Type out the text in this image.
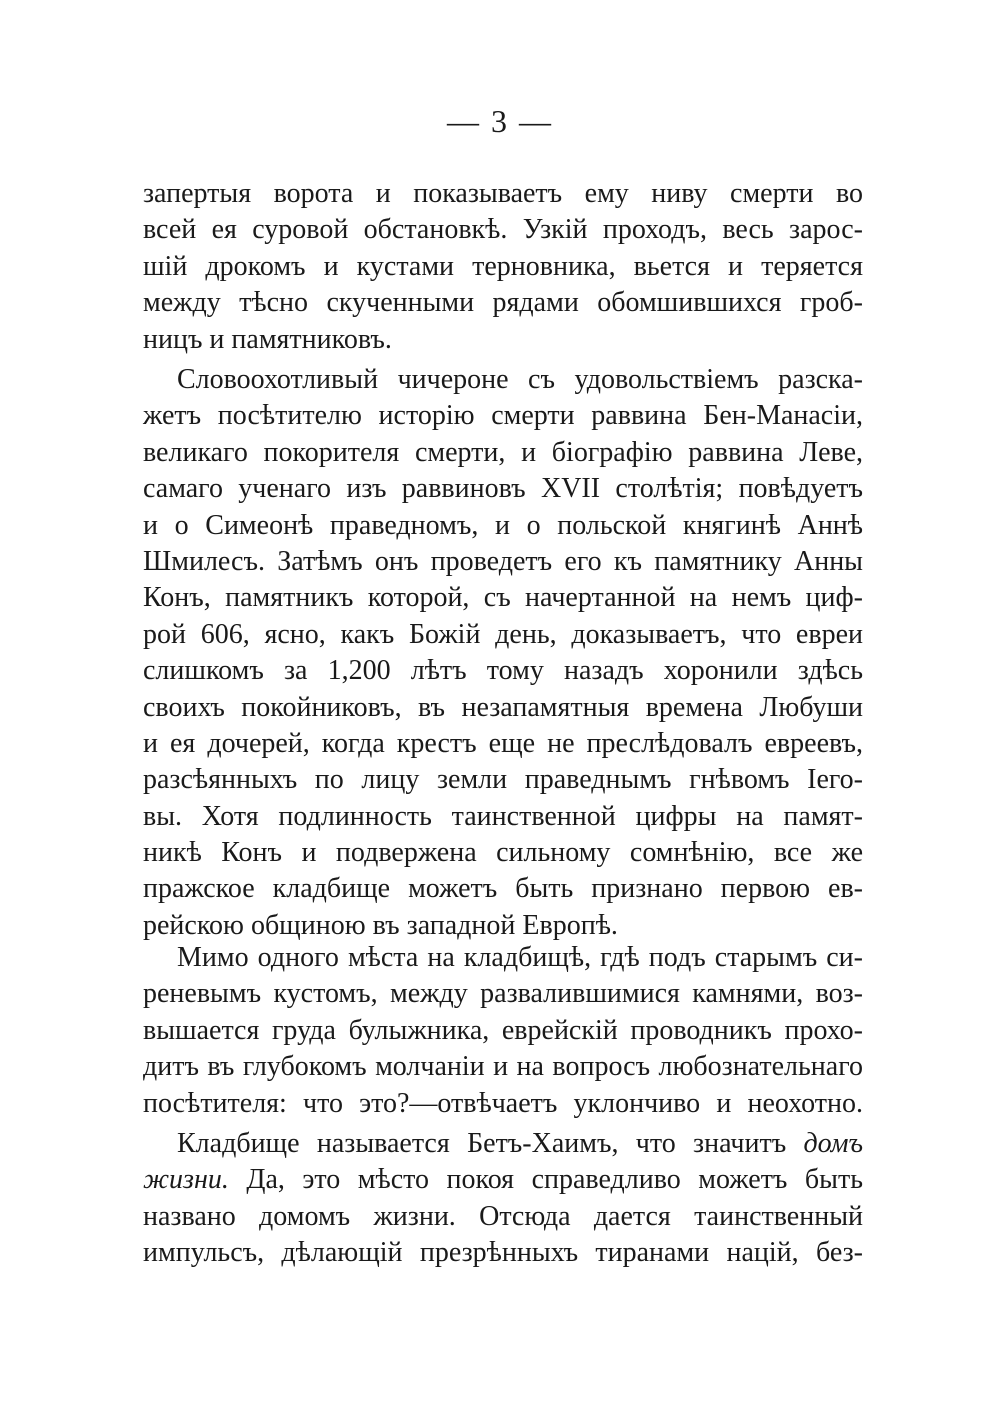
— 3 —
запертыя ворота и показываетъ ему ниву смерти во
всей ея суровой обстановкѣ. Узкій проходъ, весь зарос-
шій дрокомъ и кустами терновника, вьется и теряется
между тѣсно скученными рядами обомшившихся гроб-
ницъ и памятниковъ.
Словоохотливый чичероне съ удовольствіемъ разска-
жетъ посѣтителю исторію смерти раввина Бен-Манасіи,
великаго покорителя смерти, и біографію раввина Леве,
самаго ученаго изъ раввиновъ XVII столѣтія; повѣдуетъ
и о Симеонѣ праведномъ, и о польской княгинѣ Аннѣ
Шмилесъ. Затѣмъ онъ проведетъ его къ памятнику Анны
Конъ, памятникъ которой, съ начертанной на немъ циф-
рой 606, ясно, какъ Божій день, доказываетъ, что евреи
слишкомъ за 1,200 лѣтъ тому назадъ хоронили здѣсь
своихъ покойниковъ, въ незапамятныя времена Любуши
и ея дочерей, когда крестъ еще не преслѣдовалъ евреевъ,
разсѣянныхъ по лицу земли праведнымъ гнѣвомъ Іего-
вы. Хотя подлинность таинственной цифры на памят-
никѣ Конъ и подвержена сильному сомнѣнію, все же
пражское кладбище можетъ быть признано первою ев-
рейскою общиною въ западной Европѣ.
Мимо одного мѣста на кладбищѣ, гдѣ подъ старымъ си-
реневымъ кустомъ, между развалившимися камнями, воз-
вышается груда булыжника, еврейскій проводникъ прохо-
дитъ въ глубокомъ молчаніи и на вопросъ любознательнаго
посѣтителя: что это?—отвѣчаетъ уклончиво и неохотно.
Кладбище называется Бетъ-Хаимъ, что значитъ домъ
жизни. Да, это мѣсто покоя справедливо можетъ быть
названо домомъ жизни. Отсюда дается таинственный
импульсъ, дѣлающій презрѣнныхъ тиранами націй, без-
